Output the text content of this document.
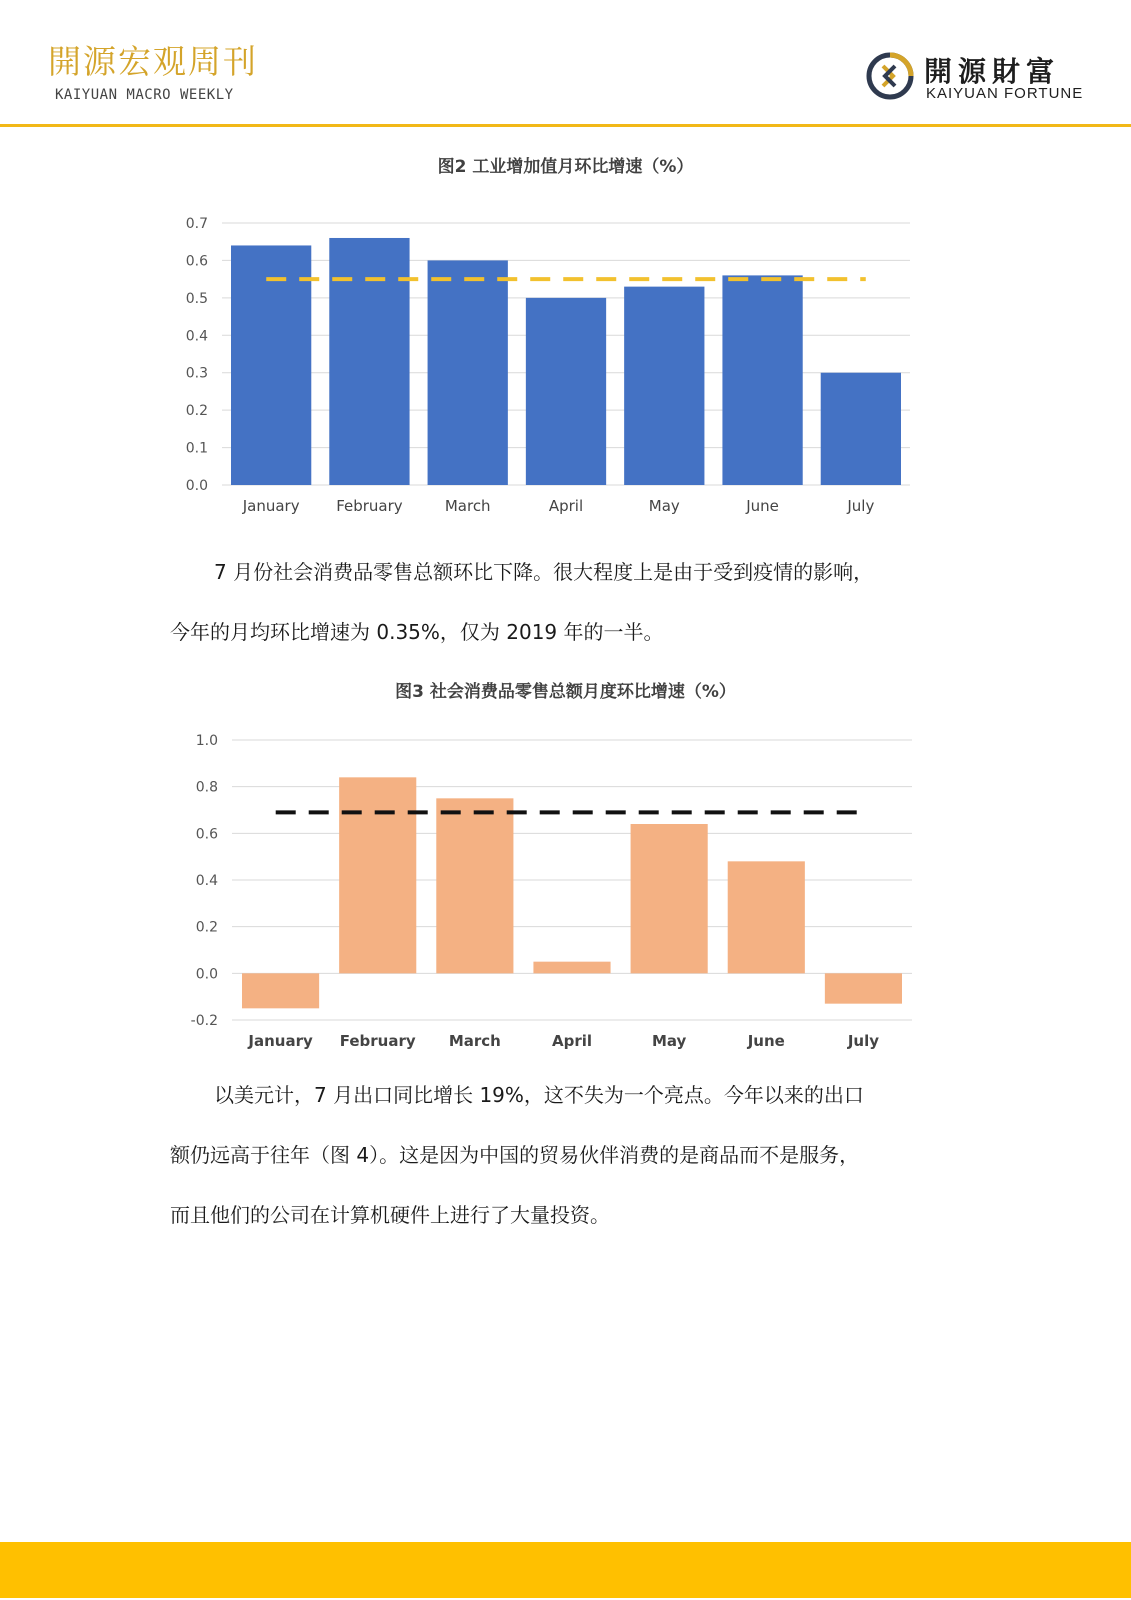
開源宏观周刊
KAIYUAN MACRO WEEKLY
開源財富
KAIYUAN FORTUNE
图2 工业增加值月环比增速（%）
0.0
0.1
0.2
0.3
0.4
0.5
0.6
0.7
January February	March	April	May	June	July
7 月份社会消费品零售总额环比下降。很大程度上是由于受到疫情的影响，
今年的月均环比增速为 0.35%，仅为 2019 年的一半。
图3 社会消费品零售总额月度环比增速（%）
-0.2
0.0
0.2
0.4
0.6
0.8
1.0
January February March	April	May	June	July
以美元计，7 月出口同比增长 19%，这不失为一个亮点。今年以来的出口
额仍远高于往年（图 4）。这是因为中国的贸易伙伴消费的是商品而不是服务，
而且他们的公司在计算机硬件上进行了大量投资。
